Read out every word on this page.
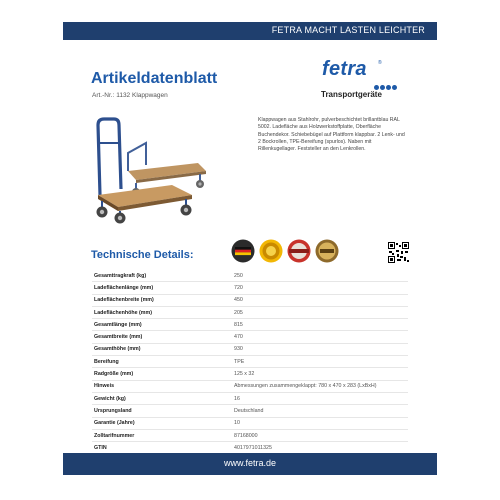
FETRA MACHT LASTEN LEICHTER
Artikeldatenblatt
Art.-Nr.: 1132 Klappwagen
fetra ®
Transportgeräte
Klappwagen aus Stahlrohr, pulverbeschichtet brillantblau RAL 5002. Ladefläche aus Holzwerkstoffplatte, Oberfläche Buchendekor. Schiebebügel auf Plattform klappbar. 2 Lenk- und 2 Bockrollen, TPE-Bereifung (spurlos). Naben mit Rillenkugellager. Feststeller an den Lenkrollen.
Technische Details:
Gesamttragkraft (kg)	250
Ladeflächenlänge (mm)	720
Ladeflächenbreite (mm)	450
Ladeflächenhöhe (mm)	205
Gesamtlänge (mm)	815
Gesamtbreite (mm)	470
Gesamthöhe (mm)	930
Bereifung	TPE
Radgröße (mm)	125 x 32
Hinweis	Abmessungen zusammengeklappt: 780 x 470 x 283 (LxBxH)
Gewicht (kg)	16
Ursprungsland	Deutschland
Garantie (Jahre)	10
Zolltarifnummer	87168000
GTIN	4017971011325
www.fetra.de
